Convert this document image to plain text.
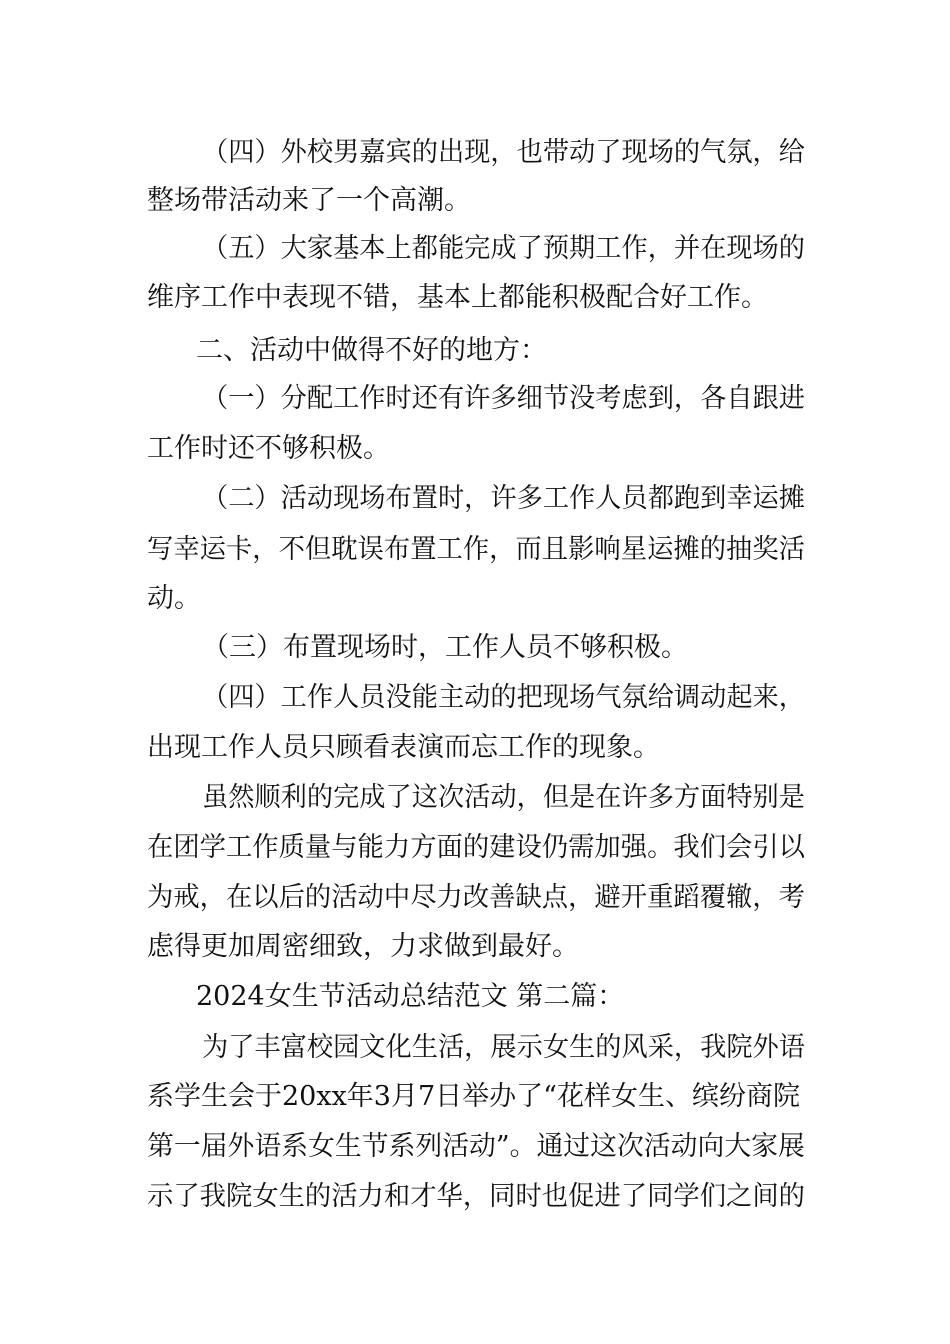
（四）外校男嘉宾的出现，也带动了现场的气氛，给
整场带活动来了一个高潮。
（五）大家基本上都能完成了预期工作，并在现场的
维序工作中表现不错，基本上都能积极配合好工作。
二、活动中做得不好的地方：
（一）分配工作时还有许多细节没考虑到，各自跟进
工作时还不够积极。
（二）活动现场布置时，许多工作人员都跑到幸运摊
写幸运卡，不但耽误布置工作，而且影响星运摊的抽奖活
动。
（三）布置现场时，工作人员不够积极。
（四）工作人员没能主动的把现场气氛给调动起来，
出现工作人员只顾看表演而忘工作的现象。
虽然顺利的完成了这次活动，但是在许多方面特别是
在团学工作质量与能力方面的建设仍需加强。我们会引以
为戒，在以后的活动中尽力改善缺点，避开重蹈覆辙，考
虑得更加周密细致，力求做到最好。
2024女生节活动总结范文 第二篇：
为了丰富校园文化生活，展示女生的风采，我院外语
系学生会于20xx年3月7日举办了“花样女生、缤纷商院
第一届外语系女生节系列活动”。通过这次活动向大家展
示了我院女生的活力和才华，同时也促进了同学们之间的
